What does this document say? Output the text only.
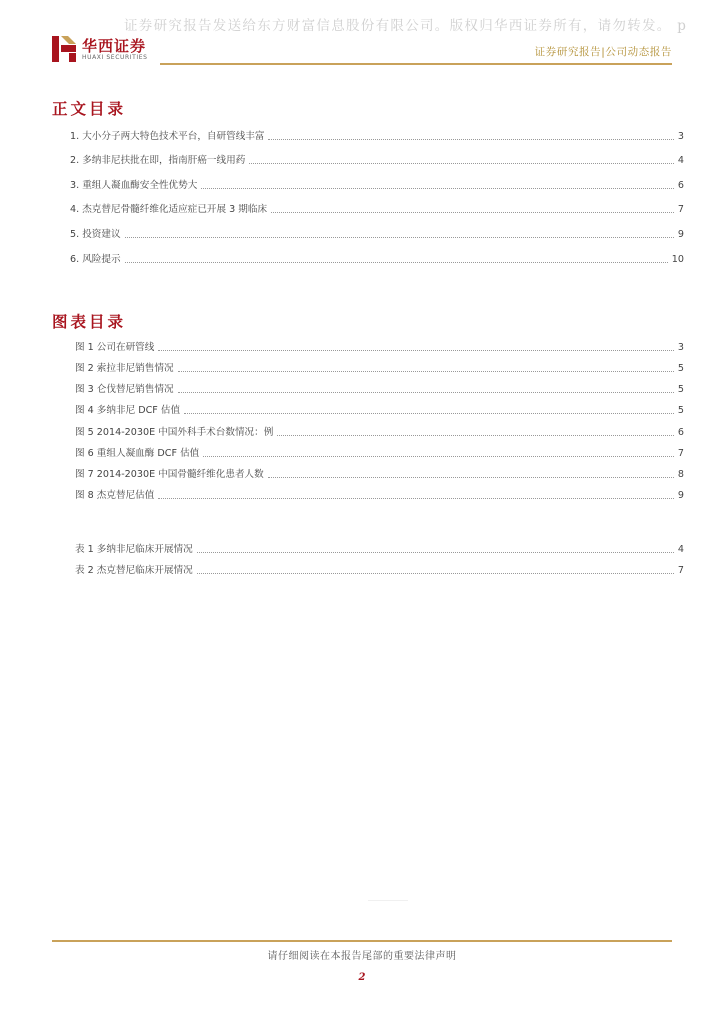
证券研究报告发送给东方财富信息股份有限公司。版权归华西证券所有，请勿转发。 p
华西证券
HUAXI SECURITIES	证券研究报告|公司动态报告
正文目录
1. 大小分子两大特色技术平台，自研管线丰富	3
2. 多纳非尼扶批在即，指南肝癌一线用药	4
3. 重组人凝血酶安全性优势大	6
4. 杰克替尼骨髓纤维化适应症已开展 3 期临床	7
5. 投资建议	9
6. 风险提示	10
图表目录
图 1 公司在研管线	3
图 2 索拉非尼销售情况	5
图 3 仑伐替尼销售情况	5
图 4 多纳非尼 DCF 估值	5
图 5 2014-2030E 中国外科手术台数情况：例	6
图 6 重组人凝血酶 DCF 估值	7
图 7 2014-2030E 中国骨髓纤维化患者人数	8
图 8 杰克替尼估值	9
表 1 多纳非尼临床开展情况	4
表 2 杰克替尼临床开展情况	7
请仔细阅读在本报告尾部的重要法律声明
2
